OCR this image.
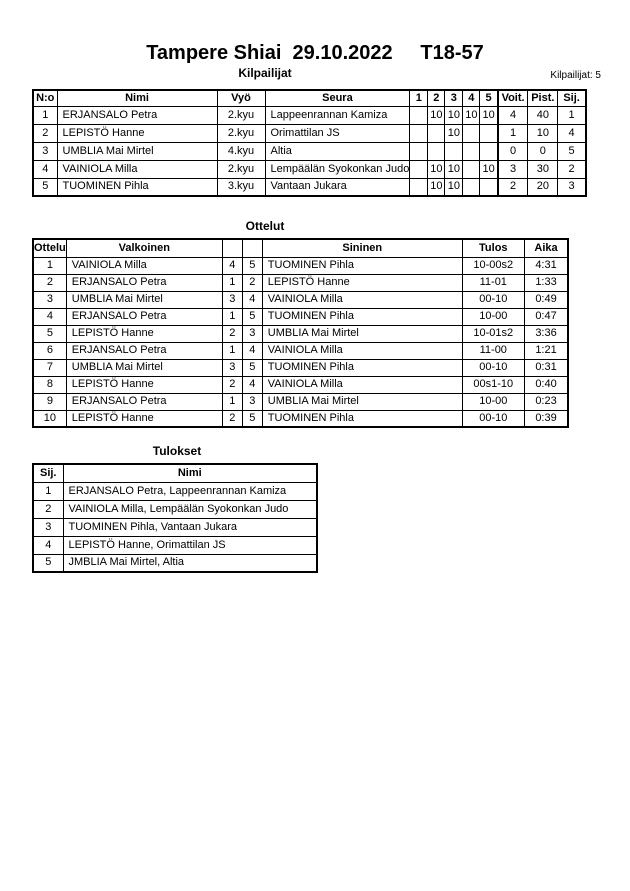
Tampere Shiai  29.10.2022     T18-57
Kilpailijat	Kilpailijat: 5
N:o	Nimi	Vyö	Seura	1	2	3	4	5	Voit.	Pist.	Sij.
1	ERJANSALO Petra	2.kyu	Lappeenrannan Kamiza		10	10	10	10	4	40	1
2	LEPISTÖ Hanne	2.kyu	Orimattilan JS			10			1	10	4
3	UMBLIA Mai Mirtel	4.kyu	Altia						0	0	5
4	VAINIOLA Milla	2.kyu	Lempäälän Syokonkan Judo		10	10		10	3	30	2
5	TUOMINEN Pihla	3.kyu	Vantaan Jukara		10	10			2	20	3
Ottelut
Ottelu	Valkoinen			Sininen	Tulos	Aika
1	VAINIOLA Milla	4	5	TUOMINEN Pihla	10-00s2	4:31
2	ERJANSALO Petra	1	2	LEPISTÖ Hanne	11-01	1:33
3	UMBLIA Mai Mirtel	3	4	VAINIOLA Milla	00-10	0:49
4	ERJANSALO Petra	1	5	TUOMINEN Pihla	10-00	0:47
5	LEPISTÖ Hanne	2	3	UMBLIA Mai Mirtel	10-01s2	3:36
6	ERJANSALO Petra	1	4	VAINIOLA Milla	11-00	1:21
7	UMBLIA Mai Mirtel	3	5	TUOMINEN Pihla	00-10	0:31
8	LEPISTÖ Hanne	2	4	VAINIOLA Milla	00s1-10	0:40
9	ERJANSALO Petra	1	3	UMBLIA Mai Mirtel	10-00	0:23
10	LEPISTÖ Hanne	2	5	TUOMINEN Pihla	00-10	0:39
Tulokset
Sij.	Nimi
1	ERJANSALO Petra, Lappeenrannan Kamiza
2	VAINIOLA Milla, Lempäälän Syokonkan Judo
3	TUOMINEN Pihla, Vantaan Jukara
4	LEPISTÖ Hanne, Orimattilan JS
5	JMBLIA Mai Mirtel, Altia
